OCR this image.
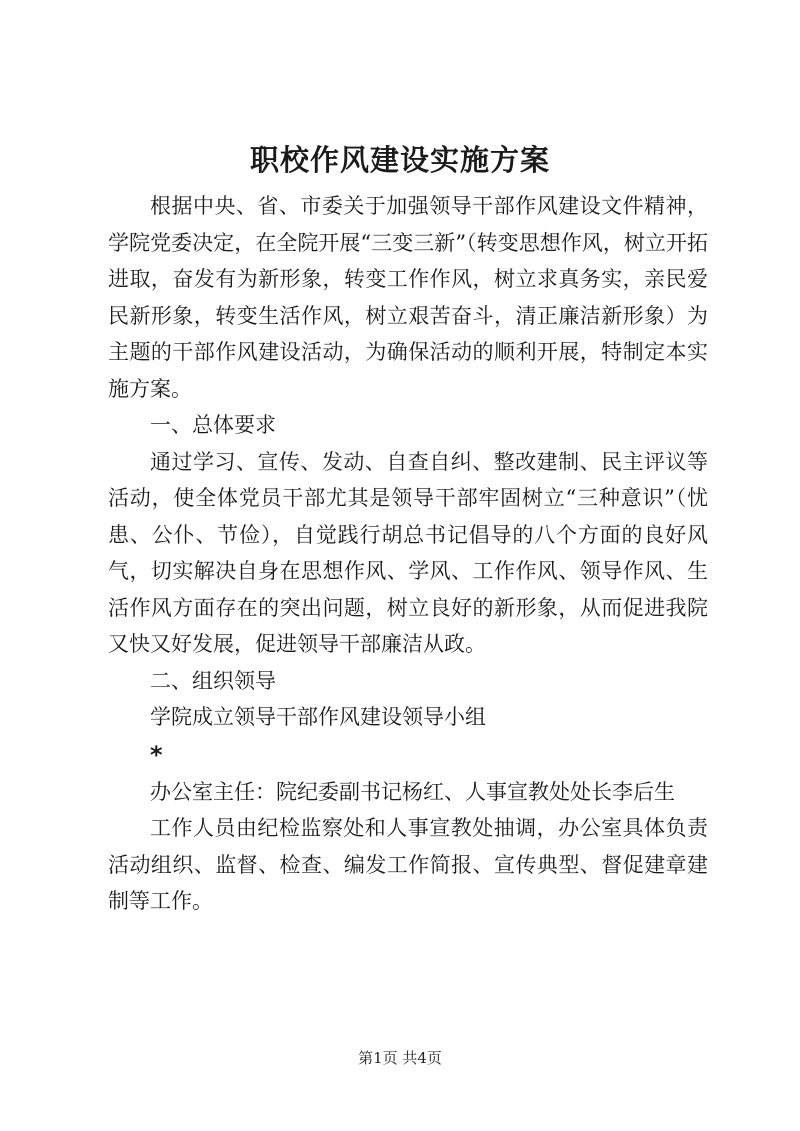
职校作风建设实施方案

根据中央、省、市委关于加强领导干部作风建设文件精神，学院党委决定，在全院开展“三变三新”（转变思想作风，树立开拓进取，奋发有为新形象，转变工作作风，树立求真务实，亲民爱民新形象，转变生活作风，树立艰苦奋斗，清正廉洁新形象）为主题的干部作风建设活动，为确保活动的顺利开展，特制定本实施方案。

一、总体要求

通过学习、宣传、发动、自查自纠、整改建制、民主评议等活动，使全体党员干部尤其是领导干部牢固树立“三种意识”（忧患、公仆、节俭），自觉践行胡总书记倡导的八个方面的良好风气，切实解决自身在思想作风、学风、工作作风、领导作风、生活作风方面存在的突出问题，树立良好的新形象，从而促进我院又快又好发展，促进领导干部廉洁从政。

二、组织领导

学院成立领导干部作风建设领导小组

*

办公室主任：院纪委副书记杨红、人事宣教处处长李后生

工作人员由纪检监察处和人事宣教处抽调，办公室具体负责活动组织、监督、检查、编发工作简报、宣传典型、督促建章建制等工作。

第1页 共4页
